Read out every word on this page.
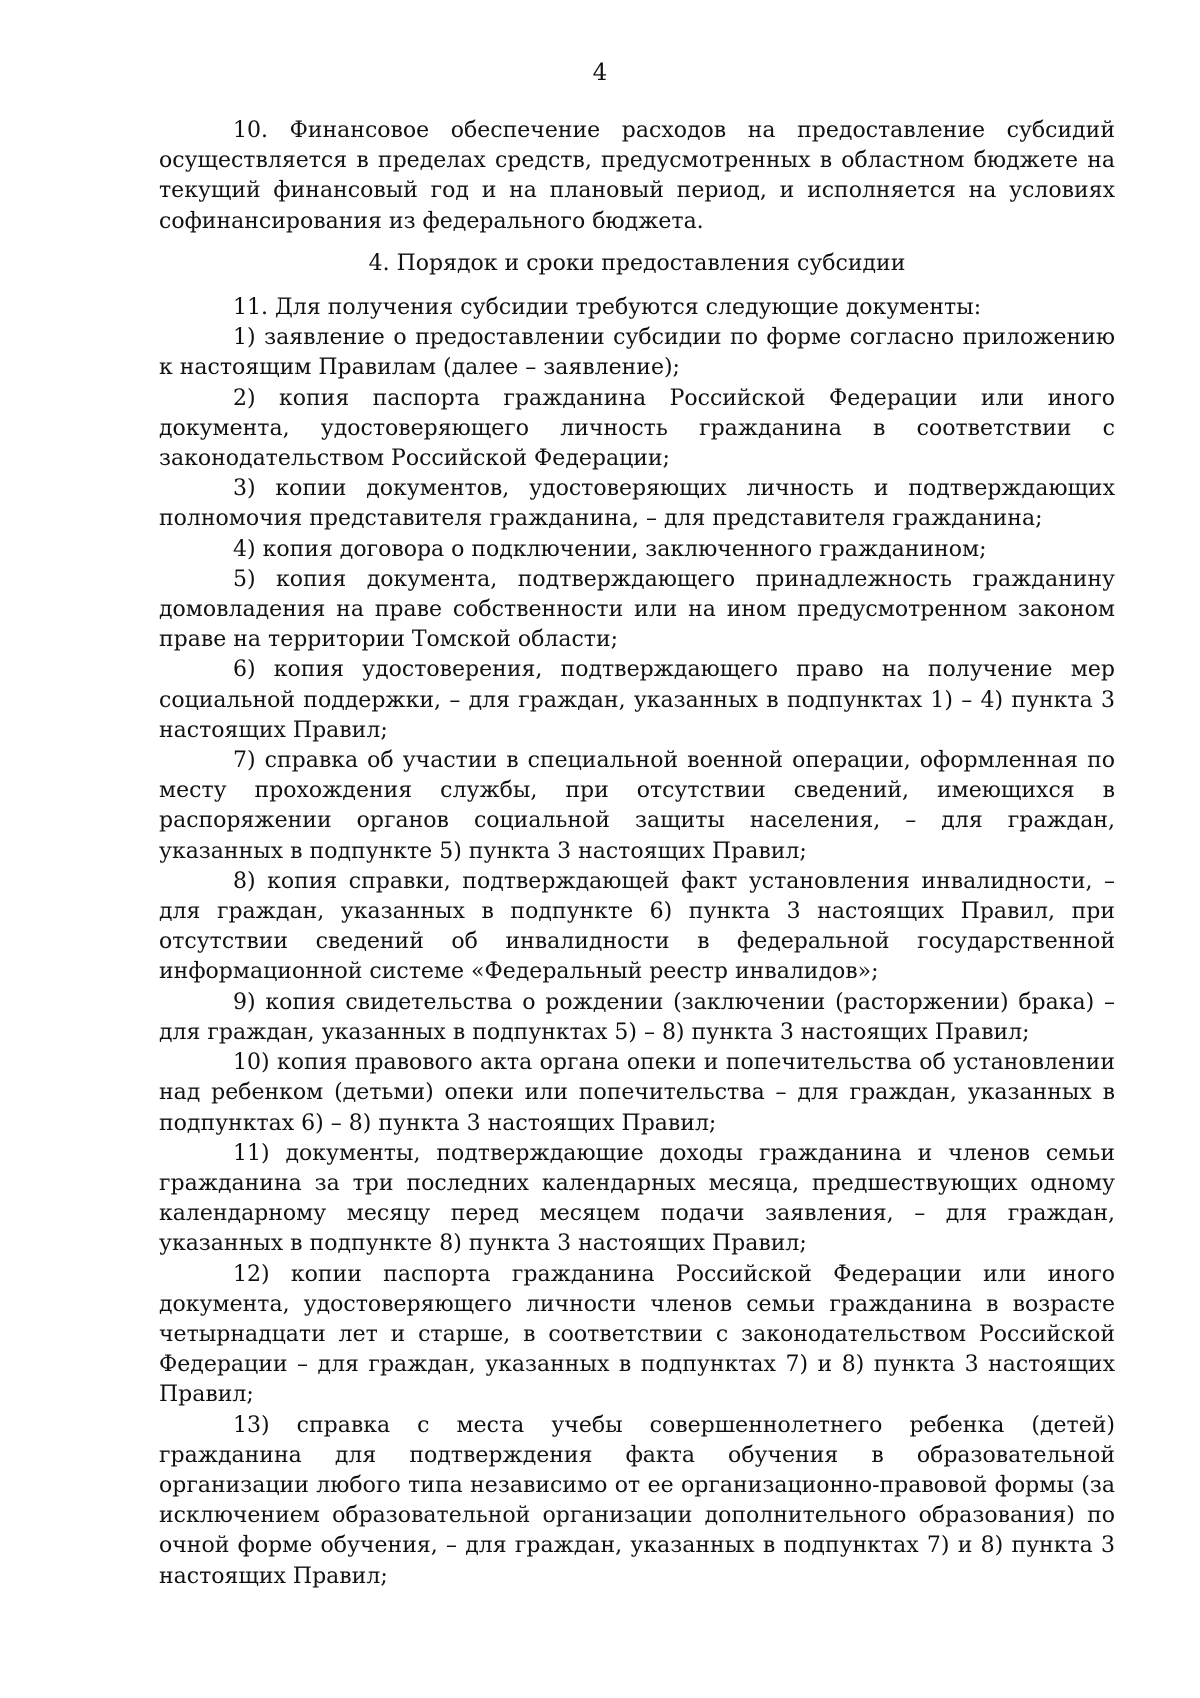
4

10. Финансовое обеспечение расходов на предоставление субсидий осуществляется в пределах средств, предусмотренных в областном бюджете на текущий финансовый год и на плановый период, и исполняется на условиях софинансирования из федерального бюджета.

4. Порядок и сроки предоставления субсидии

11. Для получения субсидии требуются следующие документы:

1) заявление о предоставлении субсидии по форме согласно приложению к настоящим Правилам (далее – заявление);

2) копия паспорта гражданина Российской Федерации или иного документа, удостоверяющего личность гражданина в соответствии с законодательством Российской Федерации;

3) копии документов, удостоверяющих личность и подтверждающих полномочия представителя гражданина, – для представителя гражданина;

4) копия договора о подключении, заключенного гражданином;

5) копия документа, подтверждающего принадлежность гражданину домовладения на праве собственности или на ином предусмотренном законом праве на территории Томской области;

6) копия удостоверения, подтверждающего право на получение мер социальной поддержки, – для граждан, указанных в подпунктах 1) – 4) пункта 3 настоящих Правил;

7) справка об участии в специальной военной операции, оформленная по месту прохождения службы, при отсутствии сведений, имеющихся в распоряжении органов социальной защиты населения, – для граждан, указанных в подпункте 5) пункта 3 настоящих Правил;

8) копия справки, подтверждающей факт установления инвалидности, – для граждан, указанных в подпункте 6) пункта 3 настоящих Правил, при отсутствии сведений об инвалидности в федеральной государственной информационной системе «Федеральный реестр инвалидов»;

9) копия свидетельства о рождении (заключении (расторжении) брака) – для граждан, указанных в подпунктах 5) – 8) пункта 3 настоящих Правил;

10) копия правового акта органа опеки и попечительства об установлении над ребенком (детьми) опеки или попечительства – для граждан, указанных в подпунктах 6) – 8) пункта 3 настоящих Правил;

11) документы, подтверждающие доходы гражданина и членов семьи гражданина за три последних календарных месяца, предшествующих одному календарному месяцу перед месяцем подачи заявления, – для граждан, указанных в подпункте 8) пункта 3 настоящих Правил;

12) копии паспорта гражданина Российской Федерации или иного документа, удостоверяющего личности членов семьи гражданина в возрасте четырнадцати лет и старше, в соответствии с законодательством Российской Федерации – для граждан, указанных в подпунктах 7) и 8) пункта 3 настоящих Правил;

13) справка с места учебы совершеннолетнего ребенка (детей) гражданина для подтверждения факта обучения в образовательной организации любого типа независимо от ее организационно-правовой формы (за исключением образовательной организации дополнительного образования) по очной форме обучения, – для граждан, указанных в подпунктах 7) и 8) пункта 3 настоящих Правил;
